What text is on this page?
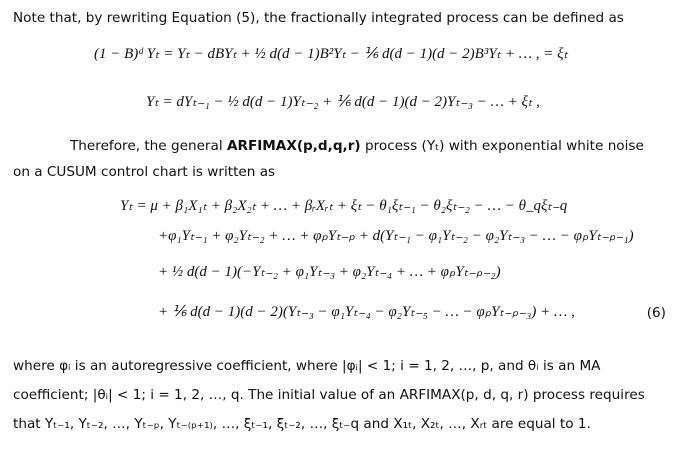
Note that, by rewriting Equation (5), the fractionally integrated process can be defined as
(1 − B)ᵈ Yₜ = Yₜ − dBYₜ + ½ d(d − 1)B²Yₜ − ⅙ d(d − 1)(d − 2)B³Yₜ + … , = ξₜ
Yₜ = dYₜ₋₁ − ½ d(d − 1)Yₜ₋₂ + ⅙ d(d − 1)(d − 2)Yₜ₋₃ − … + ξₜ ,
Therefore, the general ARFIMAX(p,d,q,r) process (Yₜ) with exponential white noise
on a CUSUM control chart is written as
Yₜ = μ + β₁X₁ₜ + β₂X₂ₜ + … + βᵣXᵣₜ + ξₜ − θ₁ξₜ₋₁ − θ₂ξₜ₋₂ − … − θ_qξₜ₋q
+φ₁Yₜ₋₁ + φ₂Yₜ₋₂ + … + φₚYₜ₋ₚ + d(Yₜ₋₁ − φ₁Yₜ₋₂ − φ₂Yₜ₋₃ − … − φₚYₜ₋ₚ₋₁)
+ ½ d(d − 1)(−Yₜ₋₂ + φ₁Yₜ₋₃ + φ₂Yₜ₋₄ + … + φₚYₜ₋ₚ₋₂)
+ ⅙ d(d − 1)(d − 2)(Yₜ₋₃ − φ₁Yₜ₋₄ − φ₂Yₜ₋₅ − … − φₚYₜ₋ₚ₋₃) + … ,	(6)
where φᵢ is an autoregressive coefficient, where |φᵢ| < 1; i = 1, 2, …, p, and θᵢ is an MA
coefficient; |θᵢ| < 1; i = 1, 2, …, q. The initial value of an ARFIMAX(p, d, q, r) process requires
that Yₜ₋₁, Yₜ₋₂, …, Yₜ₋ₚ, Yₜ₋₍ₚ₊₁₎, …, ξₜ₋₁, ξₜ₋₂, …, ξₜ₋q and X₁ₜ, X₂ₜ, …, Xᵣₜ are equal to 1.
